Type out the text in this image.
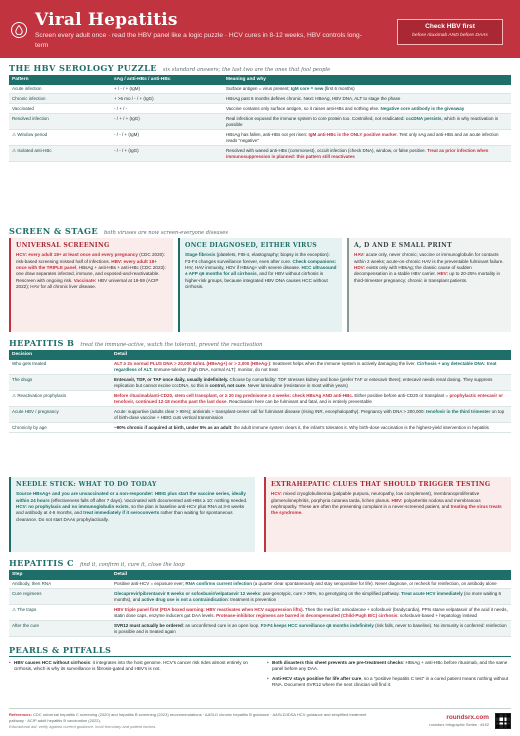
Viral Hepatitis
Screen every adult once · read the HBV panel like a logic puzzle · HCV cures in 8-12 weeks, HBV controls long-term
Check HBV first
before rituximab AND before DAAs
THE HBV SEROLOGY PUZZLE six standard answers; the last two are the ones that fool people
Pattern	sAg / anti-HBs / anti-HBc	Meaning and why
Acute infection	+ / - / + (IgM)	Surface antigen = virus present; IgM core = new (first 6 months)
Chronic infection	+ >6 mo / - / + (IgG)	HBsAg past 6 months defines chronic. Next: HBeAg, HBV DNA, ALT to stage the phase
Vaccinated	- / + / -	Vaccine contains only surface antigen, so it raises anti-HBs and nothing else. Negative core antibody is the giveaway
Resolved infection	- / + / + (IgG)	Real infection exposed the immune system to core protein too. Controlled, not eradicated: cccDNA persists, which is why reactivation is possible
⚠ Window period	- / - / + (IgM)	HBsAg has fallen, anti-HBs not yet risen: IgM anti-HBc is the ONLY positive marker. Test only sAg and anti-HBs and an acute infection reads "negative"
⚠ Isolated anti-HBc	- / - / + (IgG)	Resolved with waned anti-HBs (commonest), occult infection (check DNA), window, or false positive. Treat as prior infection when immunosuppression is planned: this pattern still reactivates
SCREEN & STAGE both viruses are now screen-everyone diseases
UNIVERSAL SCREENING
HCV: every adult 18+ at least once and every pregnancy (CDC 2020): risk-based screening missed half of infections. HBV: every adult 18+ once with the TRIPLE panel, HBsAg + anti-HBs + anti-HBc (CDC 2023): one draw separates infected, immune, and exposed-and-reactivatable. Rescreen with ongoing risk. Vaccinate: HBV universal at 19-59 (ACIP 2022); HAV for all chronic liver disease.
ONCE DIAGNOSED, EITHER VIRUS
Stage fibrosis (platelets, FIB-4, elastography; biopsy is the exception): F3-F4 changes surveillance forever, even after cure. Check companions: HIV, HAV immunity, HDV if HBsAg+ with severe disease. HCC ultrasound ± AFP q6 months for all cirrhosis, and for HBV without cirrhosis in higher-risk groups, because integrated HBV DNA causes HCC without cirrhosis.
A, D AND E SMALL PRINT
HAV: acute only, never chronic; vaccine or immunoglobulin for contacts within 2 weeks; acute-on-chronic HAV is the preventable fulminant failure. HDV: exists only with HBsAg; the classic cause of sudden decompensation in a stable HBV carrier. HEV: up to 20-25% mortality in third-trimester pregnancy; chronic in transplant patients.
HEPATITIS B treat the immune-active, watch the tolerant, prevent the reactivation
Decision	Detail
Who gets treated	ALT ≥ 2x normal PLUS DNA > 20,000 IU/mL (HBeAg+) or > 2,000 (HBeAg-): treatment helps when the immune system is actively damaging the liver. Cirrhosis + any detectable DNA: treat regardless of ALT. Immune-tolerant (high DNA, normal ALT): monitor, do not treat
The drugs	Entecavir, TDF, or TAF once daily, usually indefinitely. Choose by comorbidity: TDF stresses kidney and bone (prefer TAF or entecavir there); entecavir needs renal dosing. They suppress replication but cannot excise cccDNA, so this is control, not cure. Never lamivudine (resistance in most within years)
⚠ Reactivation prophylaxis	Before rituximab/anti-CD20, stem cell transplant, or ≥ 20 mg prednisone ≥ 4 weeks: check HBsAg AND anti-HBc. Either positive before anti-CD20 or transplant = prophylactic entecavir or tenofovir, continued 12-18 months past the last dose. Reactivation here can be fulminant and fatal, and is entirely preventable
Acute HBV / pregnancy	Acute: supportive (adults clear > 95%); antivirals + transplant-center call for fulminant disease (rising INR, encephalopathy). Pregnancy with DNA > 200,000: tenofovir in the third trimester on top of birth-dose vaccine + HBIG cuts vertical transmission
Chronicity by age	~90% chronic if acquired at birth, under 5% as an adult: the adult immune system clears it, the infant's tolerates it. Why birth-dose vaccination is the highest-yield intervention in hepatitis
NEEDLE STICK: WHAT TO DO TODAY
Source HBsAg+ and you are unvaccinated or a non-responder: HBIG plus start the vaccine series, ideally within 24 hours (effectiveness falls off after 7 days). Vaccinated with documented anti-HBs ≥ 10: nothing needed. HCV: no prophylaxis and no immunoglobulin exists, so the plan is baseline anti-HCV plus RNA at 3-6 weeks and antibody at 4-6 months, and treat immediately if it seroconverts rather than waiting for spontaneous clearance. Do not start DAAs prophylactically.
EXTRAHEPATIC CLUES THAT SHOULD TRIGGER TESTING
HCV: mixed cryoglobulinemia (palpable purpura, neuropathy, low complement), membranoproliferative glomerulonephritis, porphyria cutanea tarda, lichen planus. HBV: polyarteritis nodosa and membranous nephropathy. These are often the presenting complaint in a never-screened patient, and treating the virus treats the syndrome.
HEPATITIS C find it, confirm it, cure it, close the loop
Step	Detail
Antibody, then RNA	Positive anti-HCV = exposure ever; RNA confirms current infection (a quarter clear spontaneously and stay seropositive for life). Never diagnose, or recheck for reinfection, on antibody alone
Cure regimens	Glecaprevir/pibrentasvir 8 weeks or sofosbuvir/velpatasvir 12 weeks: pan-genotypic, cure > 95%, no genotyping on the simplified pathway. Treat acute HCV immediately (no more waiting 6 months), and active drug use is not a contraindication: treatment is prevention
⚠ The traps	HBV triple panel first (FDA boxed warning: HBV reactivates when HCV suppression lifts). Then the med list: amiodarone + sofosbuvir (bradycardia), PPIs starve velpatasvir of the acid it needs, statin dose caps, enzyme inducers gut DAA levels. Protease-inhibitor regimens are barred in decompensated (Child-Pugh B/C) cirrhosis: sofosbuvir-based + hepatology instead
After the cure	SVR12 must actually be ordered: an unconfirmed cure is an open loop. F3-F4 keeps HCC surveillance q6 months indefinitely (risk falls, never to baseline). No immunity is conferred: reinfection is possible and is treated again
PEARLS & PITFALLS
• HBV causes HCC without cirrhosis: it integrates into the host genome. HCV's cancer risk rides almost entirely on cirrhosis, which is why its surveillance is fibrosis-gated and HBV's is not.
• Both disasters this sheet prevents are pre-treatment checks: HBsAg + anti-HBc before rituximab, and the same panel before any DAA.
• Anti-HCV stays positive for life after cure, so a "positive hepatitis C test" in a cured patient means nothing without RNA. Document SVR12 where the next clinician will find it.
References: CDC universal hepatitis C screening (2020) and hepatitis B screening (2023) recommendations · AASLD chronic hepatitis B guidance · AASLD/IDSA HCV guidance and simplified treatment pathway · ACIP adult hepatitis B vaccination (2022).
Educational aid; verify against current guidance, local formulary and patient factors.
roundsrx.com
roundsrx Infographic Series · #192
